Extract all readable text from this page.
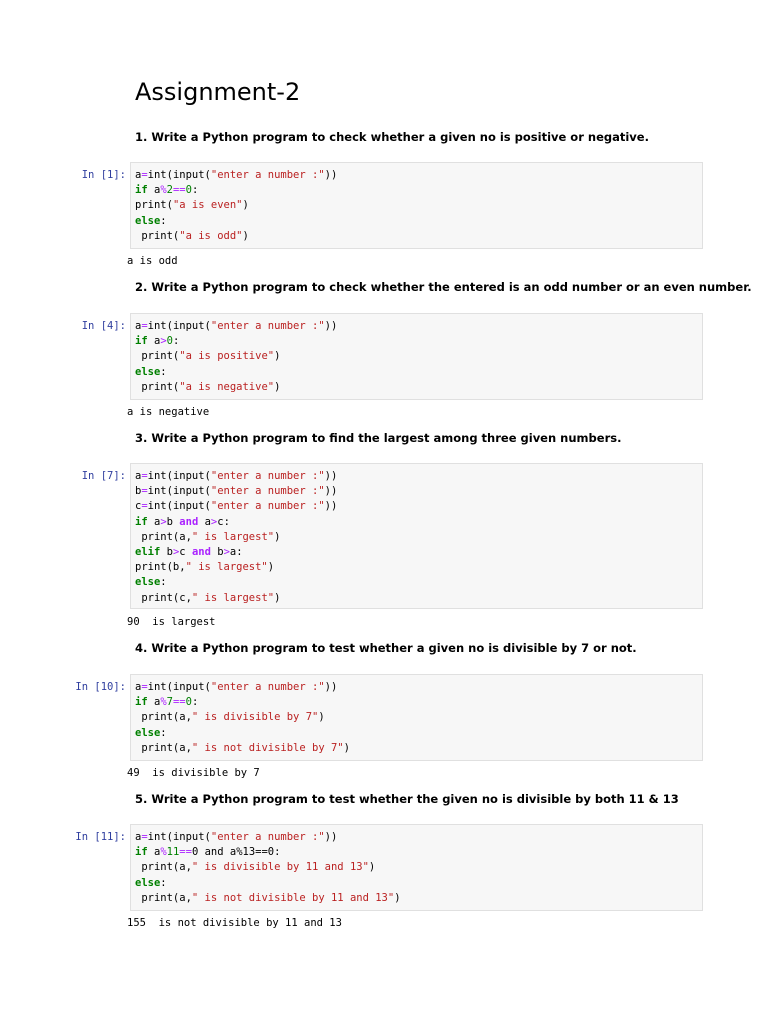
Assignment-2
1. Write a Python program to check whether a given no is positive or negative.
In [1]: a=int(input("enter a number :"))
if a%2==0:
print("a is even")
else:
print("a is odd")
a is odd
2. Write a Python program to check whether the entered is an odd number or an even number.
In [4]: a=int(input("enter a number :"))
if a>0:
print("a is positive")
else:
print("a is negative")
a is negative
3. Write a Python program to find the largest among three given numbers.
In [7]: a=int(input("enter a number :"))
b=int(input("enter a number :"))
c=int(input("enter a number :"))
if a>b and a>c:
print(a," is largest")
elif b>c and b>a:
print(b," is largest")
else:
print(c," is largest")
90  is largest
4. Write a Python program to test whether a given no is divisible by 7 or not.
In [10]: a=int(input("enter a number :"))
if a%7==0:
print(a," is divisible by 7")
else:
print(a," is not divisible by 7")
49  is divisible by 7
5. Write a Python program to test whether the given no is divisible by both 11 & 13
In [11]: a=int(input("enter a number :"))
if a%11==0 and a%13==0:
print(a," is divisible by 11 and 13")
else:
print(a," is not divisible by 11 and 13")
155  is not divisible by 11 and 13
